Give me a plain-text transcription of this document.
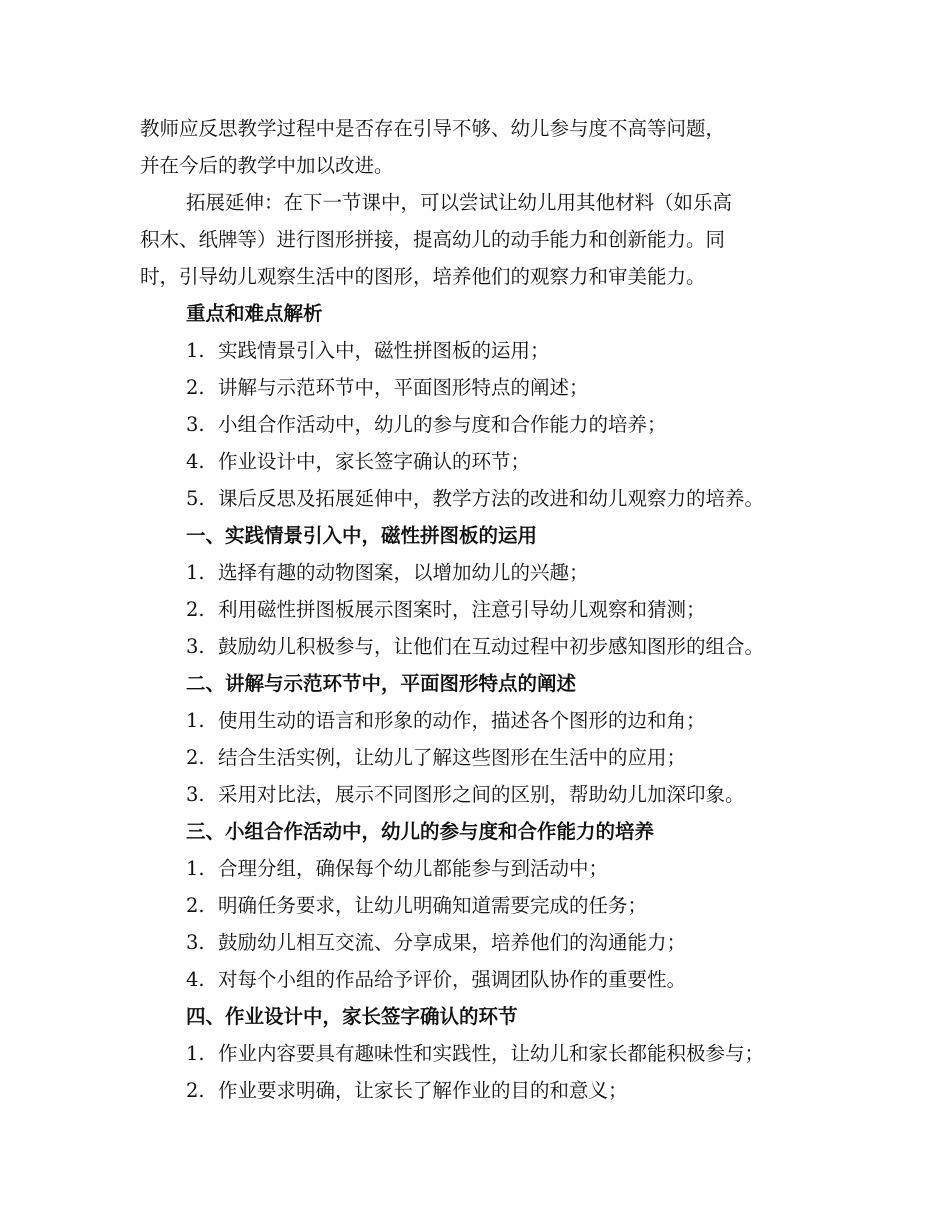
教师应反思教学过程中是否存在引导不够、幼儿参与度不高等问题，

并在今后的教学中加以改进。

拓展延伸：在下一节课中，可以尝试让幼儿用其他材料（如乐高

积木、纸牌等）进行图形拼接，提高幼儿的动手能力和创新能力。同

时，引导幼儿观察生活中的图形，培养他们的观察力和审美能力。

重点和难点解析

1. 实践情景引入中，磁性拼图板的运用；

2. 讲解与示范环节中，平面图形特点的阐述；

3. 小组合作活动中，幼儿的参与度和合作能力的培养；

4. 作业设计中，家长签字确认的环节；

5. 课后反思及拓展延伸中，教学方法的改进和幼儿观察力的培养。

一、实践情景引入中，磁性拼图板的运用

1. 选择有趣的动物图案，以增加幼儿的兴趣；

2. 利用磁性拼图板展示图案时，注意引导幼儿观察和猜测；

3. 鼓励幼儿积极参与，让他们在互动过程中初步感知图形的组合。

二、讲解与示范环节中，平面图形特点的阐述

1. 使用生动的语言和形象的动作，描述各个图形的边和角；

2. 结合生活实例，让幼儿了解这些图形在生活中的应用；

3. 采用对比法，展示不同图形之间的区别，帮助幼儿加深印象。

三、小组合作活动中，幼儿的参与度和合作能力的培养

1. 合理分组，确保每个幼儿都能参与到活动中；

2. 明确任务要求，让幼儿明确知道需要完成的任务；

3. 鼓励幼儿相互交流、分享成果，培养他们的沟通能力；

4. 对每个小组的作品给予评价，强调团队协作的重要性。

四、作业设计中，家长签字确认的环节

1. 作业内容要具有趣味性和实践性，让幼儿和家长都能积极参与；

2. 作业要求明确，让家长了解作业的目的和意义；
